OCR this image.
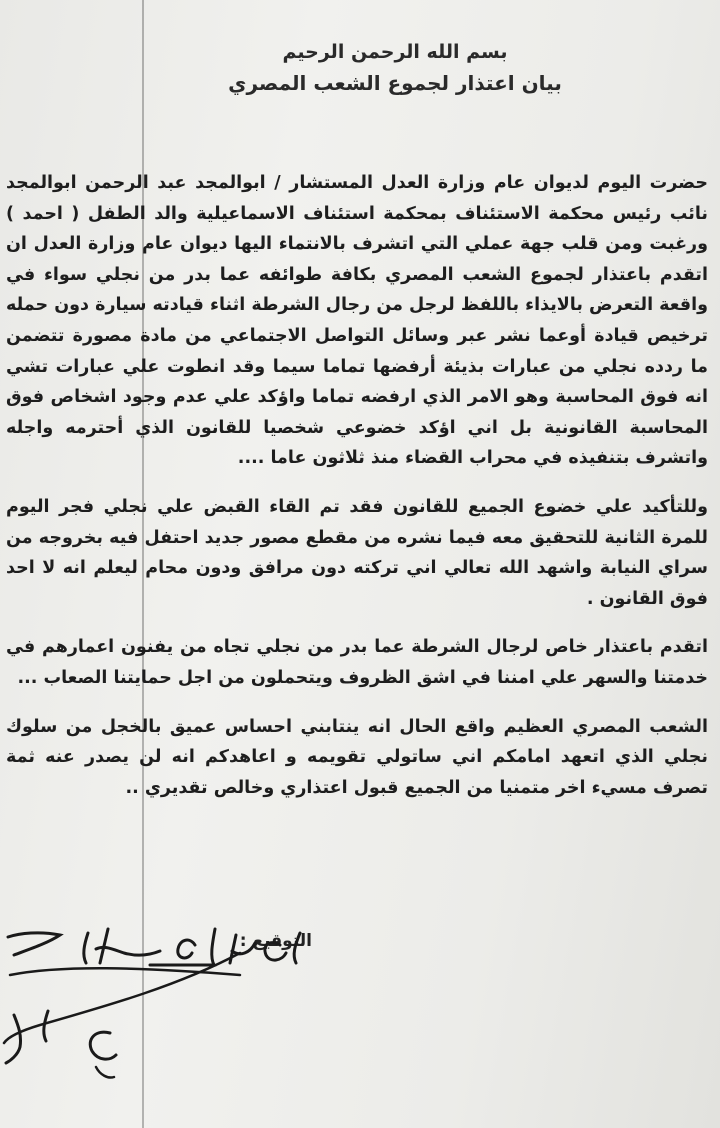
بسم الله الرحمن الرحيم
بيان اعتذار لجموع الشعب المصري

حضرت اليوم لديوان عام وزارة العدل المستشار / ابوالمجد عبد الرحمن ابوالمجد نائب رئيس محكمة الاستئناف بمحكمة استئناف الاسماعيلية والد الطفل ( احمد ) ورغبت ومن قلب جهة عملي التي اتشرف بالانتماء اليها ديوان عام وزارة العدل ان اتقدم باعتذار لجموع الشعب المصري بكافة طوائفه عما بدر من نجلي سواء في واقعة التعرض بالايذاء باللفظ لرجل من رجال الشرطة اثناء قيادته سيارة دون حمله ترخيص قيادة أوعما نشر عبر وسائل التواصل الاجتماعي من مادة مصورة تتضمن ما ردده نجلي من عبارات بذيئة أرفضها تماما سيما وقد انطوت علي عبارات تشي انه فوق المحاسبة وهو الامر الذي ارفضه تماما واؤكد علي عدم وجود اشخاص فوق المحاسبة القانونية بل اني اؤكد خضوعي شخصيا للقانون الذي أحترمه واجله واتشرف بتنفيذه في محراب القضاء منذ ثلاثون عاما ....

وللتأكيد علي خضوع الجميع للقانون فقد تم القاء القبض علي نجلي فجر اليوم للمرة الثانية للتحقيق معه فيما نشره من مقطع مصور جديد احتفل فيه بخروجه من سراي النيابة واشهد الله تعالي اني تركته دون مرافق ودون محام ليعلم انه لا احد فوق القانون .

اتقدم باعتذار خاص لرجال الشرطة عما بدر من نجلي تجاه من يفنون اعمارهم في خدمتنا والسهر علي امننا في اشق الظروف ويتحملون من اجل حمايتنا الصعاب ...

الشعب المصري العظيم واقع الحال انه ينتابني احساس عميق بالخجل من سلوك نجلي الذي اتعهد امامكم اني ساتولي تقويمه و اعاهدكم انه لن يصدر عنه ثمة تصرف مسيء اخر متمنيا من الجميع قبول اعتذاري وخالص تقديري ..

التوقيع :
